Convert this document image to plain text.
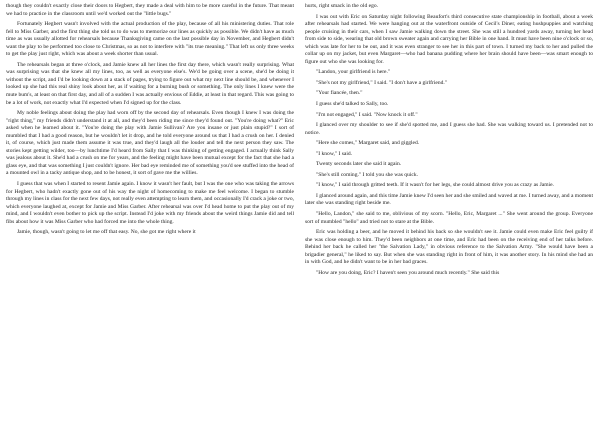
though they couldn't exactly close their doors to Hegbert, they made a deal with him to be more careful in the future. That meant we had to practice in the classroom until we'd worked out the "little bugs."

Fortunately Hegbert wasn't involved with the actual production of the play, because of all his ministering duties. That role fell to Miss Garber, and the first thing she told us to do was to memorize our lines as quickly as possible. We didn't have as much time as was usually allotted for rehearsals because Thanksgiving came on the last possible day in November, and Hegbert didn't want the play to be performed too close to Christmas, so as not to interfere with "its true meaning." That left us only three weeks to get the play just right, which was about a week shorter than usual.

The rehearsals began at three o'clock, and Jamie knew all her lines the first day there, which wasn't really surprising. What was surprising was that she knew all my lines, too, as well as everyone else's. We'd be going over a scene, she'd be doing it without the script, and I'd be looking down at a stack of pages, trying to figure out what my next line should be, and whenever I looked up she had this real shiny look about her, as if waiting for a burning bush or something. The only lines I knew were the mute bum's, at least on that first day, and all of a sudden I was actually envious of Eddie, at least in that regard. This was going to be a lot of work, not exactly what I'd expected when I'd signed up for the class.

My noble feelings about doing the play had worn off by the second day of rehearsals. Even though I knew I was doing the "right thing," my friends didn't understand it at all, and they'd been riding me since they'd found out. "You're doing what?" Eric asked when he learned about it. "You're doing the play with Jamie Sullivan? Are you insane or just plain stupid?" I sort of mumbled that I had a good reason, but he wouldn't let it drop, and he told everyone around us that I had a crush on her. I denied it, of course, which just made them assume it was true, and they'd laugh all the louder and tell the next person they saw. The stories kept getting wilder, too—by lunchtime I'd heard from Sally that I was thinking of getting engaged. I actually think Sally was jealous about it. She'd had a crush on me for years, and the feeling might have been mutual except for the fact that she had a glass eye, and that was something I just couldn't ignore. Her bad eye reminded me of something you'd see stuffed into the head of a mounted owl in a tacky antique shop, and to be honest, it sort of gave me the willies.

I guess that was when I started to resent Jamie again. I know it wasn't her fault, but I was the one who was taking the arrows for Hegbert, who hadn't exactly gone out of his way the night of homecoming to make me feel welcome. I began to stumble through my lines in class for the next few days, not really even attempting to learn them, and occasionally I'd crack a joke or two, which everyone laughed at, except for Jamie and Miss Garber. After rehearsal was over I'd head home to put the play out of my mind, and I wouldn't even bother to pick up the script. Instead I'd joke with my friends about the weird things Jamie did and tell fibs about how it was Miss Garber who had forced me into the whole thing.

Jamie, though, wasn't going to let me off that easy. No, she got me right where it

hurts, right smack in the old ego.

I was out with Eric on Saturday night following Beaufort's third consecutive state championship in football, about a week after rehearsals had started. We were hanging out at the waterfront outside of Cecil's Diner, eating hushpuppies and watching people cruising in their cars, when I saw Jamie walking down the street. She was still a hundred yards away, turning her head from side to side, wearing that old brown sweater again and carrying her Bible in one hand. It must have been nine o'clock or so, which was late for her to be out, and it was even stranger to see her in this part of town. I turned my back to her and pulled the collar up on my jacket, but even Margaret—who had banana pudding where her brain should have been—was smart enough to figure out who she was looking for.

"Landon, your girlfriend is here."

"She's not my girlfriend," I said. "I don't have a girlfriend."

"Your fiancée, then."

I guess she'd talked to Sally, too.

"I'm not engaged," I said. "Now knock it off."

I glanced over my shoulder to see if she'd spotted me, and I guess she had. She was walking toward us. I pretended not to notice.

"Here she comes," Margaret said, and giggled.

"I know," I said.

Twenty seconds later she said it again.

"She's still coming." I told you she was quick.

"I know," I said through gritted teeth. If it wasn't for her legs, she could almost drive you as crazy as Jamie.

I glanced around again, and this time Jamie knew I'd seen her and she smiled and waved at me. I turned away, and a moment later she was standing right beside me.

"Hello, Landon," she said to me, oblivious of my scorn. "Hello, Eric, Margaret ..." She went around the group. Everyone sort of mumbled "hello" and tried not to stare at the Bible.

Eric was holding a beer, and he moved it behind his back so she wouldn't see it. Jamie could even make Eric feel guilty if she was close enough to him. They'd been neighbors at one time, and Eric had been on the receiving end of her talks before. Behind her back he called her "the Salvation Lady," in obvious reference to the Salvation Army. "She would have been a brigadier general," he liked to say. But when she was standing right in front of him, it was another story. In his mind she had an in with God, and he didn't want to be in her bad graces.

"How are you doing, Eric? I haven't seen you around much recently." She said this
